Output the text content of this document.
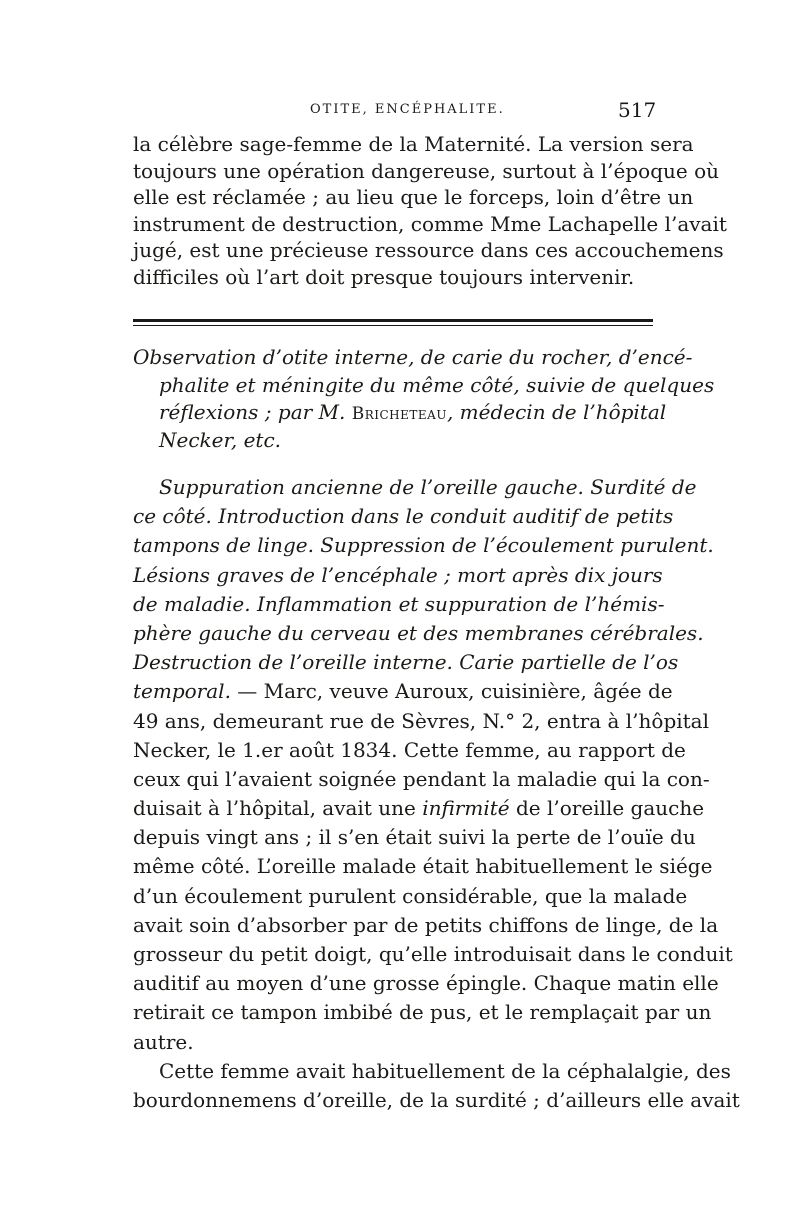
OTITE, ENCÉPHALITE.	517
la célèbre sage-femme de la Maternité. La version sera
toujours une opération dangereuse, surtout à l’époque où
elle est réclamée ; au lieu que le forceps, loin d’être un
instrument de destruction, comme Mme Lachapelle l’avait
jugé, est une précieuse ressource dans ces accouchemens
difficiles où l’art doit presque toujours intervenir.
Observation d’otite interne, de carie du rocher, d’encé-
phalite et méningite du même côté, suivie de quelques
réflexions ; par M. Bricheteau, médecin de l’hôpital
Necker, etc.
Suppuration ancienne de l’oreille gauche. Surdité de
ce côté. Introduction dans le conduit auditif de petits
tampons de linge. Suppression de l’écoulement purulent.
Lésions graves de l’encéphale ; mort après dix jours
de maladie. Inflammation et suppuration de l’hémis-
phère gauche du cerveau et des membranes cérébrales.
Destruction de l’oreille interne. Carie partielle de l’os
temporal. — Marc, veuve Auroux, cuisinière, âgée de
49 ans, demeurant rue de Sèvres, N.° 2, entra à l’hôpital
Necker, le 1.er août 1834. Cette femme, au rapport de
ceux qui l’avaient soignée pendant la maladie qui la con-
duisait à l’hôpital, avait une infirmité de l’oreille gauche
depuis vingt ans ; il s’en était suivi la perte de l’ouïe du
même côté. L’oreille malade était habituellement le siége
d’un écoulement purulent considérable, que la malade
avait soin d’absorber par de petits chiffons de linge, de la
grosseur du petit doigt, qu’elle introduisait dans le conduit
auditif au moyen d’une grosse épingle. Chaque matin elle
retirait ce tampon imbibé de pus, et le remplaçait par un
autre.
Cette femme avait habituellement de la céphalalgie, des
bourdonnemens d’oreille, de la surdité ; d’ailleurs elle avait
